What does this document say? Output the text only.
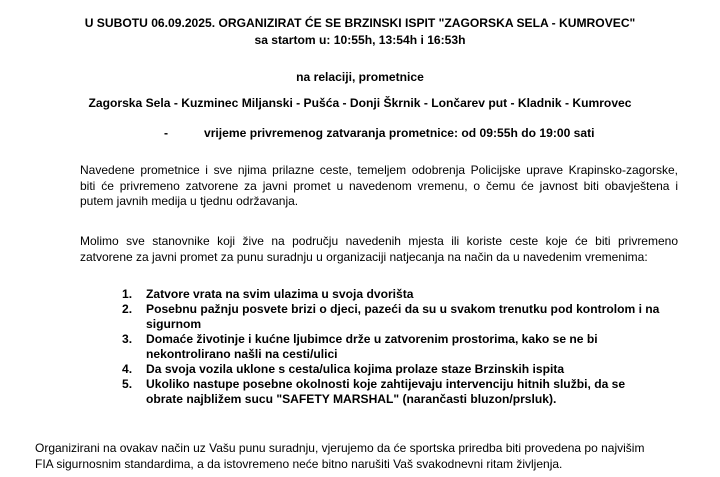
U SUBOTU 06.09.2025. ORGANIZIRAT ĆE SE BRZINSKI ISPIT "ZAGORSKA SELA - KUMROVEC"
sa startom u: 10:55h, 13:54h i 16:53h
na relaciji, prometnice
Zagorska Sela - Kuzminec Miljanski - Pušća - Donji Škrnik - Lončarev put - Kladnik - Kumrovec
-	vrijeme privremenog zatvaranja prometnice: od 09:55h do 19:00 sati
Navedene prometnice i sve njima prilazne ceste, temeljem odobrenja Policijske uprave Krapinsko-zagorske,
biti će privremeno zatvorene za javni promet u navedenom vremenu, o čemu će javnost biti obavještena i
putem javnih medija u tjednu održavanja.
Molimo sve stanovnike koji žive na području navedenih mjesta ili koriste ceste koje će biti privremeno
zatvorene za javni promet za punu suradnju u organizaciji natjecanja na način da u navedenim vremenima:
1. Zatvore vrata na svim ulazima u svoja dvorišta
2. Posebnu pažnju posvete brizi o djeci, pazeći da su u svakom trenutku pod kontrolom i na
sigurnom
3. Domaće životinje i kućne ljubimce drže u zatvorenim prostorima, kako se ne bi
nekontrolirano našli na cesti/ulici
4. Da svoja vozila uklone s cesta/ulica kojima prolaze staze Brzinskih ispita
5. Ukoliko nastupe posebne okolnosti koje zahtijevaju intervenciju hitnih službi, da se
obrate najbližem sucu "SAFETY MARSHAL" (narančasti bluzon/prsluk).
Organizirani na ovakav način uz Vašu punu suradnju, vjerujemo da će sportska priredba biti provedena po najvišim
FIA sigurnosnim standardima, a da istovremeno neće bitno narušiti Vaš svakodnevni ritam življenja.
